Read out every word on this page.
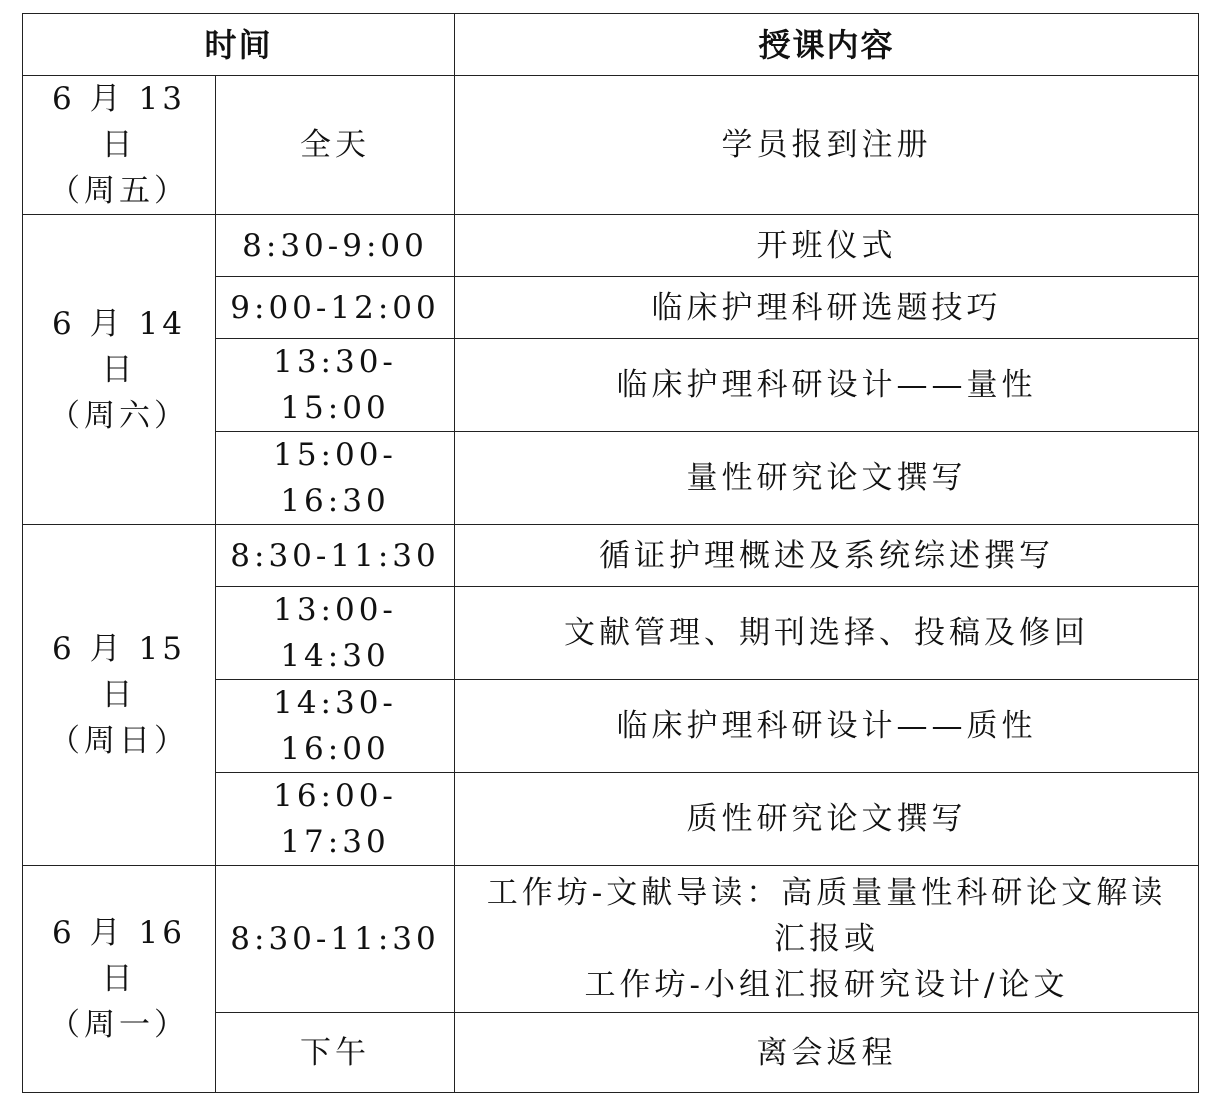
时间		授课内容

6 月 13 日
（周五）	全天	学员报到注册

6 月 14 日
（周六）	8:30-9:00	开班仪式
	9:00-12:00	临床护理科研选题技巧
	13:30-15:00	临床护理科研设计——量性
	15:00-16:30	量性研究论文撰写

6 月 15 日
（周日）	8:30-11:30	循证护理概述及系统综述撰写
	13:00-14:30	文献管理、期刊选择、投稿及修回
	14:30-16:00	临床护理科研设计——质性
	16:00-17:30	质性研究论文撰写

6 月 16 日
（周一）	8:30-11:30	工作坊-文献导读：高质量量性科研论文解读
汇报或
工作坊-小组汇报研究设计/论文

	下午	离会返程
